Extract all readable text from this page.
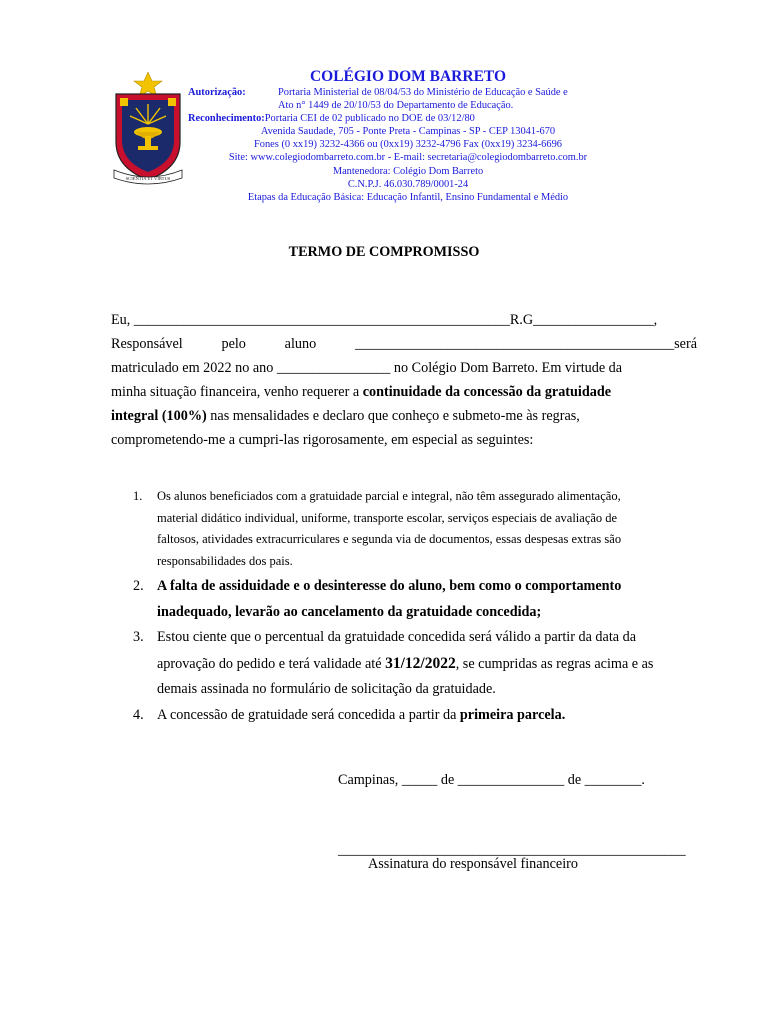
SCIENTIA ET VIRTUS
COLÉGIO DOM BARRETO
Autorização:	Portaria Ministerial de 08/04/53 do Ministério de Educação e Saúde e
Ato n° 1449 de 20/10/53 do Departamento de Educação.
Reconhecimento: Portaria CEI de 02 publicado no DOE de 03/12/80
Avenida Saudade, 705 - Ponte Preta - Campinas - SP - CEP 13041-670
Fones (0 xx19) 3232-4366 ou (0xx19) 3232-4796 Fax (0xx19) 3234-6696
Site: www.colegiodombarreto.com.br - E-mail: secretaria@colegiodombarreto.com.br
Mantenedora: Colégio Dom Barreto
C.N.P.J. 46.030.789/0001-24
Etapas da Educação Básica: Educação Infantil, Ensino Fundamental e Médio
TERMO DE COMPROMISSO
Eu, _____________________________________________________R.G_________________,
Responsável	pelo	aluno	_____________________________________________será
matriculado em 2022 no ano ________________ no Colégio Dom Barreto. Em virtude da
minha situação financeira, venho requerer a continuidade da concessão da gratuidade
integral (100%) nas mensalidades e declaro que conheço e submeto-me às regras,
comprometendo-me a cumpri-las rigorosamente, em especial as seguintes:
1. Os alunos beneficiados com a gratuidade parcial e integral, não têm assegurado alimentação,
material didático individual, uniforme, transporte escolar, serviços especiais de avaliação de
faltosos, atividades extracurriculares e segunda via de documentos, essas despesas extras são
responsabilidades dos pais.
2. A falta de assiduidade e o desinteresse do aluno, bem como o comportamento
inadequado, levarão ao cancelamento da gratuidade concedida;
3. Estou ciente que o percentual da gratuidade concedida será válido a partir da data da
aprovação do pedido e terá validade até 31/12/2022, se cumpridas as regras acima e as
demais assinada no formulário de solicitação da gratuidade.
4. A concessão de gratuidade será concedida a partir da primeira parcela.
Campinas, _____ de _______________ de ________.
_________________________________________________
Assinatura do responsável financeiro
